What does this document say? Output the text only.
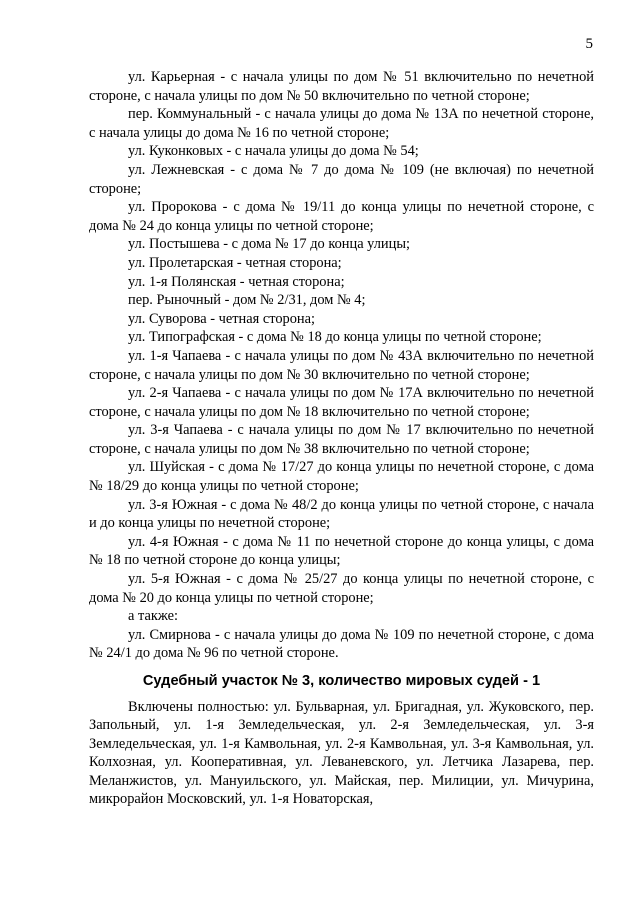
5

ул. Карьерная - с начала улицы по дом № 51 включительно по нечетной стороне, с начала улицы по дом № 50 включительно по четной стороне;

пер. Коммунальный - с начала улицы до дома № 13А по нечетной стороне, с начала улицы до дома № 16 по четной стороне;

ул. Куконковых - с начала улицы до дома № 54;

ул. Лежневская - с дома № 7 до дома № 109 (не включая) по нечетной стороне;

ул. Пророкова - с дома № 19/11 до конца улицы по нечетной стороне, с дома № 24 до конца улицы по четной стороне;

ул. Постышева - с дома № 17 до конца улицы;

ул. Пролетарская - четная сторона;

ул. 1-я Полянская - четная сторона;

пер. Рыночный - дом № 2/31, дом № 4;

ул. Суворова - четная сторона;

ул. Типографская - с дома № 18 до конца улицы по четной стороне;

ул. 1-я Чапаева - с начала улицы по дом № 43А включительно по нечетной стороне, с начала улицы по дом № 30 включительно по четной стороне;

ул. 2-я Чапаева - с начала улицы по дом № 17А включительно по нечетной стороне, с начала улицы по дом № 18 включительно по четной стороне;

ул. 3-я Чапаева - с начала улицы по дом № 17 включительно по нечетной стороне, с начала улицы по дом № 38 включительно по четной стороне;

ул. Шуйская - с дома № 17/27 до конца улицы по нечетной стороне, с дома № 18/29 до конца улицы по четной стороне;

ул. 3-я Южная - с дома № 48/2 до конца улицы по четной стороне, с начала и до конца улицы по нечетной стороне;

ул. 4-я Южная - с дома № 11 по нечетной стороне до конца улицы, с дома № 18 по четной стороне до конца улицы;

ул. 5-я Южная - с дома № 25/27 до конца улицы по нечетной стороне, с дома № 20 до конца улицы по четной стороне;

а также:

ул. Смирнова - с начала улицы до дома № 109 по нечетной стороне, с дома № 24/1 до дома № 96 по четной стороне.

Судебный участок № 3, количество мировых судей - 1

Включены полностью: ул. Бульварная, ул. Бригадная, ул. Жуковского, пер. Запольный, ул. 1-я Земледельческая, ул. 2-я Земледельческая, ул. 3-я Земледельческая, ул. 1-я Камвольная, ул. 2-я Камвольная, ул. 3-я Камвольная, ул. Колхозная, ул. Кооперативная, ул. Леваневского, ул. Летчика Лазарева, пер. Меланжистов, ул. Мануильского, ул. Майская, пер. Милиции, ул. Мичурина, микрорайон Московский, ул. 1-я Новаторская,
